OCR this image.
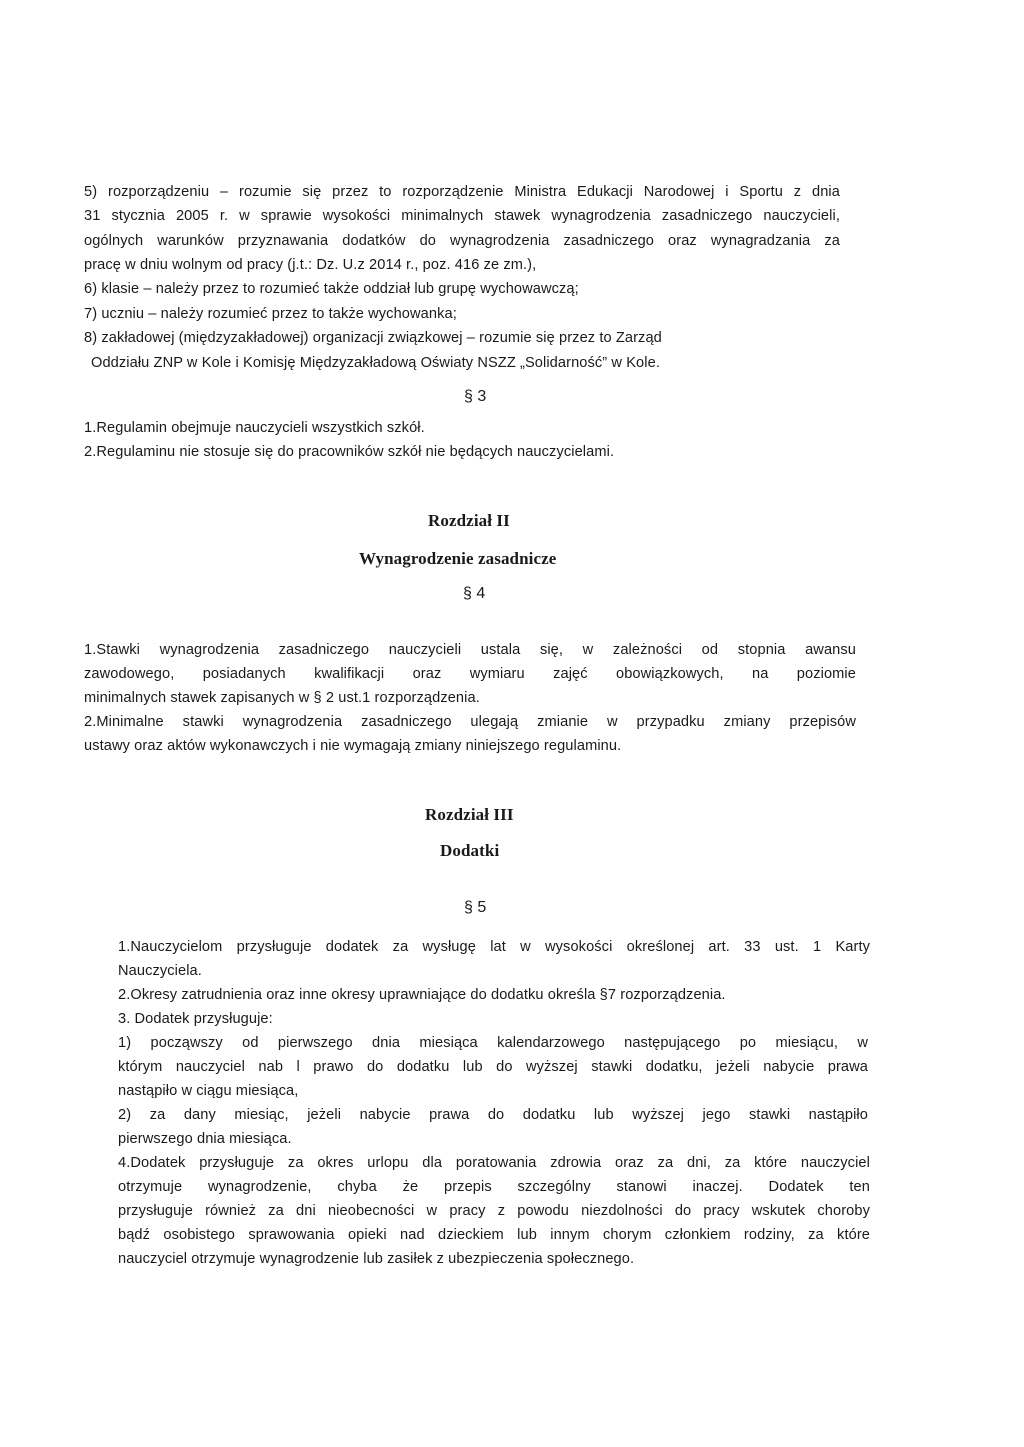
5) rozporządzeniu – rozumie się przez to rozporządzenie Ministra Edukacji Narodowej i Sportu z dnia
31 stycznia 2005 r. w sprawie wysokości minimalnych stawek wynagrodzenia zasadniczego nauczycieli,
ogólnych warunków przyznawania dodatków do wynagrodzenia zasadniczego oraz wynagradzania za
pracę w dniu wolnym od pracy (j.t.: Dz. U.z 2014 r., poz. 416 ze zm.),
6) klasie – należy przez to rozumieć także oddział lub grupę wychowawczą;
7) uczniu – należy rozumieć przez to także wychowanka;
8) zakładowej (międzyzakładowej) organizacji związkowej – rozumie się przez to Zarząd
Oddziału ZNP w Kole i Komisję Międzyzakładową Oświaty NSZZ „Solidarność” w Kole.
§ 3
1.Regulamin obejmuje nauczycieli wszystkich szkół.
2.Regulaminu nie stosuje się do pracowników szkół nie będących nauczycielami.
Rozdział II
Wynagrodzenie zasadnicze
§ 4
1.Stawki wynagrodzenia zasadniczego nauczycieli ustala się, w zależności od stopnia awansu
zawodowego, posiadanych kwalifikacji oraz wymiaru zajęć obowiązkowych, na poziomie
minimalnych stawek zapisanych w § 2 ust.1 rozporządzenia.
2.Minimalne stawki wynagrodzenia zasadniczego ulegają zmianie w przypadku zmiany przepisów
ustawy oraz aktów wykonawczych i nie wymagają zmiany niniejszego regulaminu.
Rozdział III
Dodatki
§ 5
1.Nauczycielom przysługuje dodatek za wysługę lat w wysokości określonej art. 33 ust. 1 Karty
Nauczyciela.
2.Okresy zatrudnienia oraz inne okresy uprawniające do dodatku określa §7 rozporządzenia.
3. Dodatek przysługuje:
1) począwszy od pierwszego dnia miesiąca kalendarzowego następującego po miesiącu, w
którym nauczyciel nab l prawo do dodatku lub do wyższej stawki dodatku, jeżeli nabycie prawa
nastąpiło w ciągu miesiąca,
2) za dany miesiąc, jeżeli nabycie prawa do dodatku lub wyższej jego stawki nastąpiło
pierwszego dnia miesiąca.
4.Dodatek przysługuje za okres urlopu dla poratowania zdrowia oraz za dni, za które nauczyciel
otrzymuje wynagrodzenie, chyba że przepis szczególny stanowi inaczej. Dodatek ten
przysługuje również za dni nieobecności w pracy z powodu niezdolności do pracy wskutek choroby
bądź osobistego sprawowania opieki nad dzieckiem lub innym chorym członkiem rodziny, za które
nauczyciel otrzymuje wynagrodzenie lub zasiłek z ubezpieczenia społecznego.
